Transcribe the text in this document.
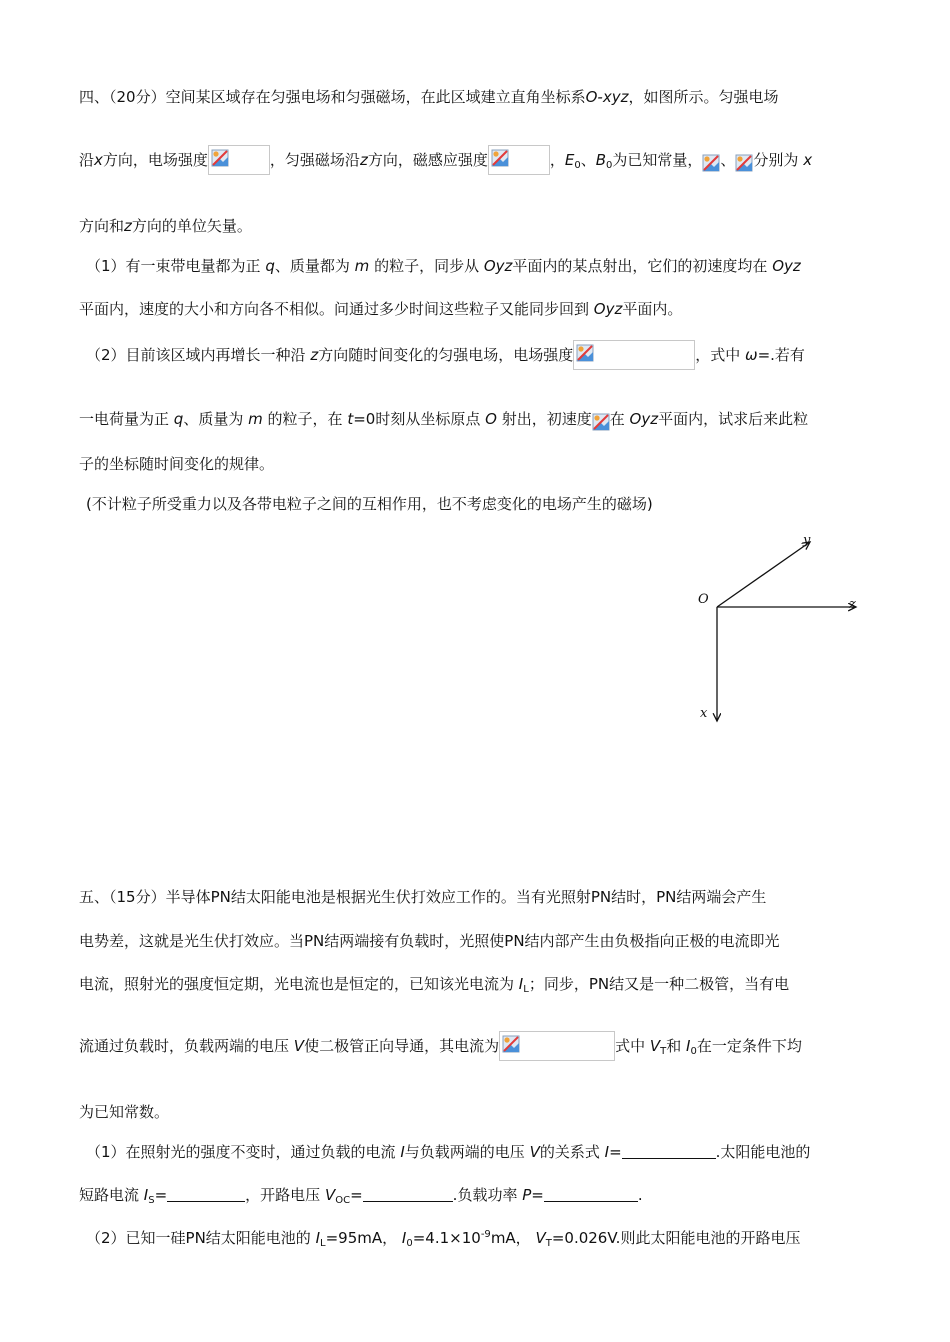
四、（20分）空间某区域存在匀强电场和匀强磁场，在此区域建立直角坐标系O-xyz，如图所示。匀强电场
沿x方向，电场强度	，匀强磁场沿z方向，磁感应强度	，$E_0$、$B_0$为已知常量， 、 分别为 x
方向和z方向的单位矢量。
（1）有一束带电量都为正 q、质量都为 m 的粒子，同步从 Oyz平面内的某点射出，它们的初速度均在 Oyz
平面内，速度的大小和方向各不相似。问通过多少时间这些粒子又能同步回到 Oyz平面内。
（2）目前该区域内再增长一种沿 z方向随时间变化的匀强电场，电场强度	，式中 ω=.若有
一电荷量为正 q、质量为 m 的粒子，在 t=0时刻从坐标原点 O 射出，初速度 在 Oyz平面内，试求后来此粒
子的坐标随时间变化的规律。
(不计粒子所受重力以及各带电粒子之间的互相作用，也不考虑变化的电场产生的磁场)
O
y
z
x
五、（15分）半导体PN结太阳能电池是根据光生伏打效应工作的。当有光照射PN结时，PN结两端会产生
电势差，这就是光生伏打效应。当PN结两端接有负载时，光照使PN结内部产生由负极指向正极的电流即光
电流，照射光的强度恒定期，光电流也是恒定的，已知该光电流为 $I_L$；同步，PN结又是一种二极管，当有电
流通过负载时，负载两端的电压 V使二极管正向导通，其电流为	式中 $V_T$和 $I_0$在一定条件下均
为已知常数。
（1）在照射光的强度不变时，通过负载的电流 I与负载两端的电压 V的关系式 I=	.太阳能电池的
短路电流 $I_S=$	，开路电压 $V_{OC}=$	.负载功率 P=	.
（2）已知一硅PN结太阳能电池的 $I_L=95mA$， $I_0=4.1\times 10^{-9}mA$， $V_T=0.026V$.则此太阳能电池的开路电压
